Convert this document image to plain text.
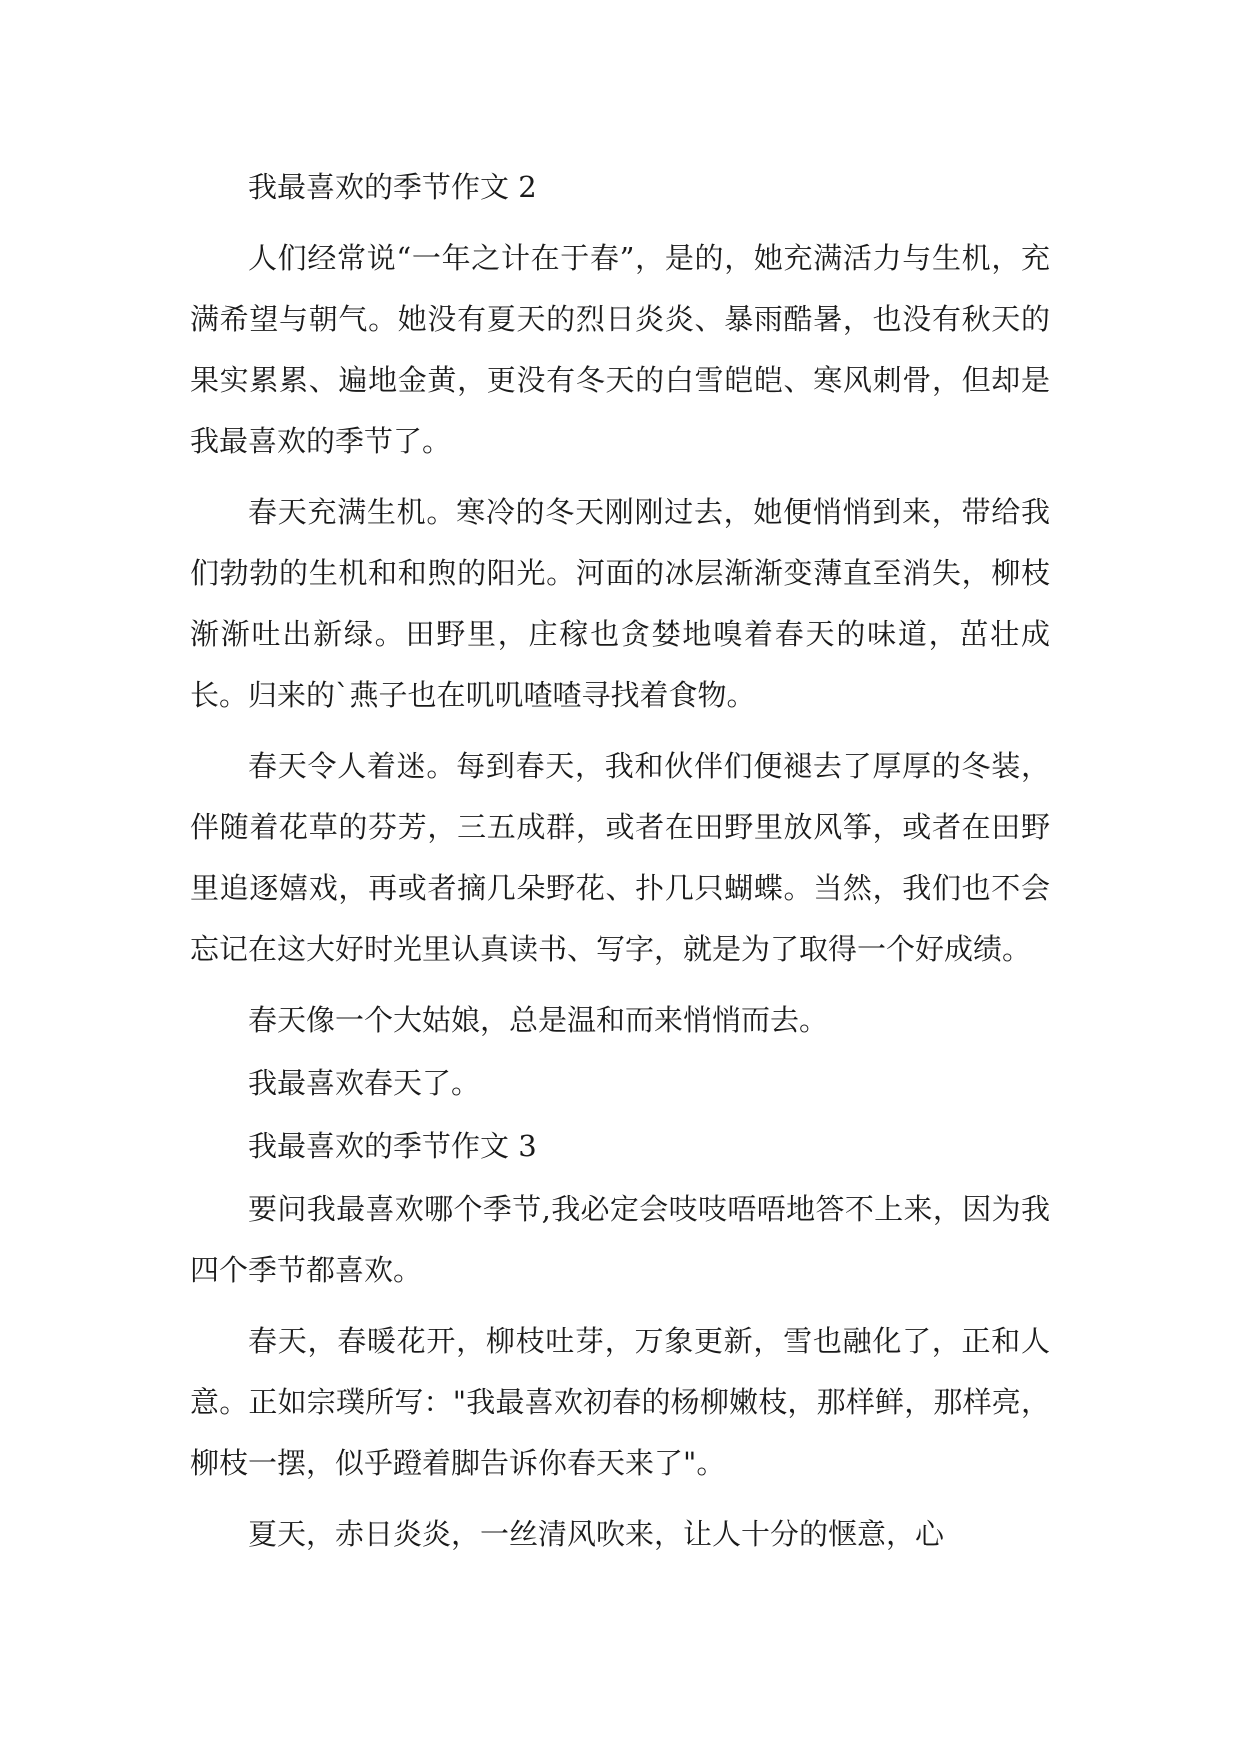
我最喜欢的季节作文 2

人们经常说“一年之计在于春”，是的，她充满活力与生机，充满希望与朝气。她没有夏天的烈日炎炎、暴雨酷暑，也没有秋天的果实累累、遍地金黄，更没有冬天的白雪皑皑、寒风刺骨，但却是我最喜欢的季节了。

春天充满生机。寒冷的冬天刚刚过去，她便悄悄到来，带给我们勃勃的生机和和煦的阳光。河面的冰层渐渐变薄直至消失，柳枝渐渐吐出新绿。田野里，庄稼也贪婪地嗅着春天的味道，茁壮成长。归来的`燕子也在叽叽喳喳寻找着食物。

春天令人着迷。每到春天，我和伙伴们便褪去了厚厚的冬装，伴随着花草的芬芳，三五成群，或者在田野里放风筝，或者在田野里追逐嬉戏，再或者摘几朵野花、扑几只蝴蝶。当然，我们也不会忘记在这大好时光里认真读书、写字，就是为了取得一个好成绩。

春天像一个大姑娘，总是温和而来悄悄而去。

我最喜欢春天了。

我最喜欢的季节作文 3

要问我最喜欢哪个季节,我必定会吱吱唔唔地答不上来，因为我四个季节都喜欢。

春天，春暖花开，柳枝吐芽，万象更新，雪也融化了，正和人意。正如宗璞所写："我最喜欢初春的杨柳嫩枝，那样鲜，那样亮，柳枝一摆，似乎蹬着脚告诉你春天来了"。

夏天，赤日炎炎，一丝清风吹来，让人十分的惬意，心
